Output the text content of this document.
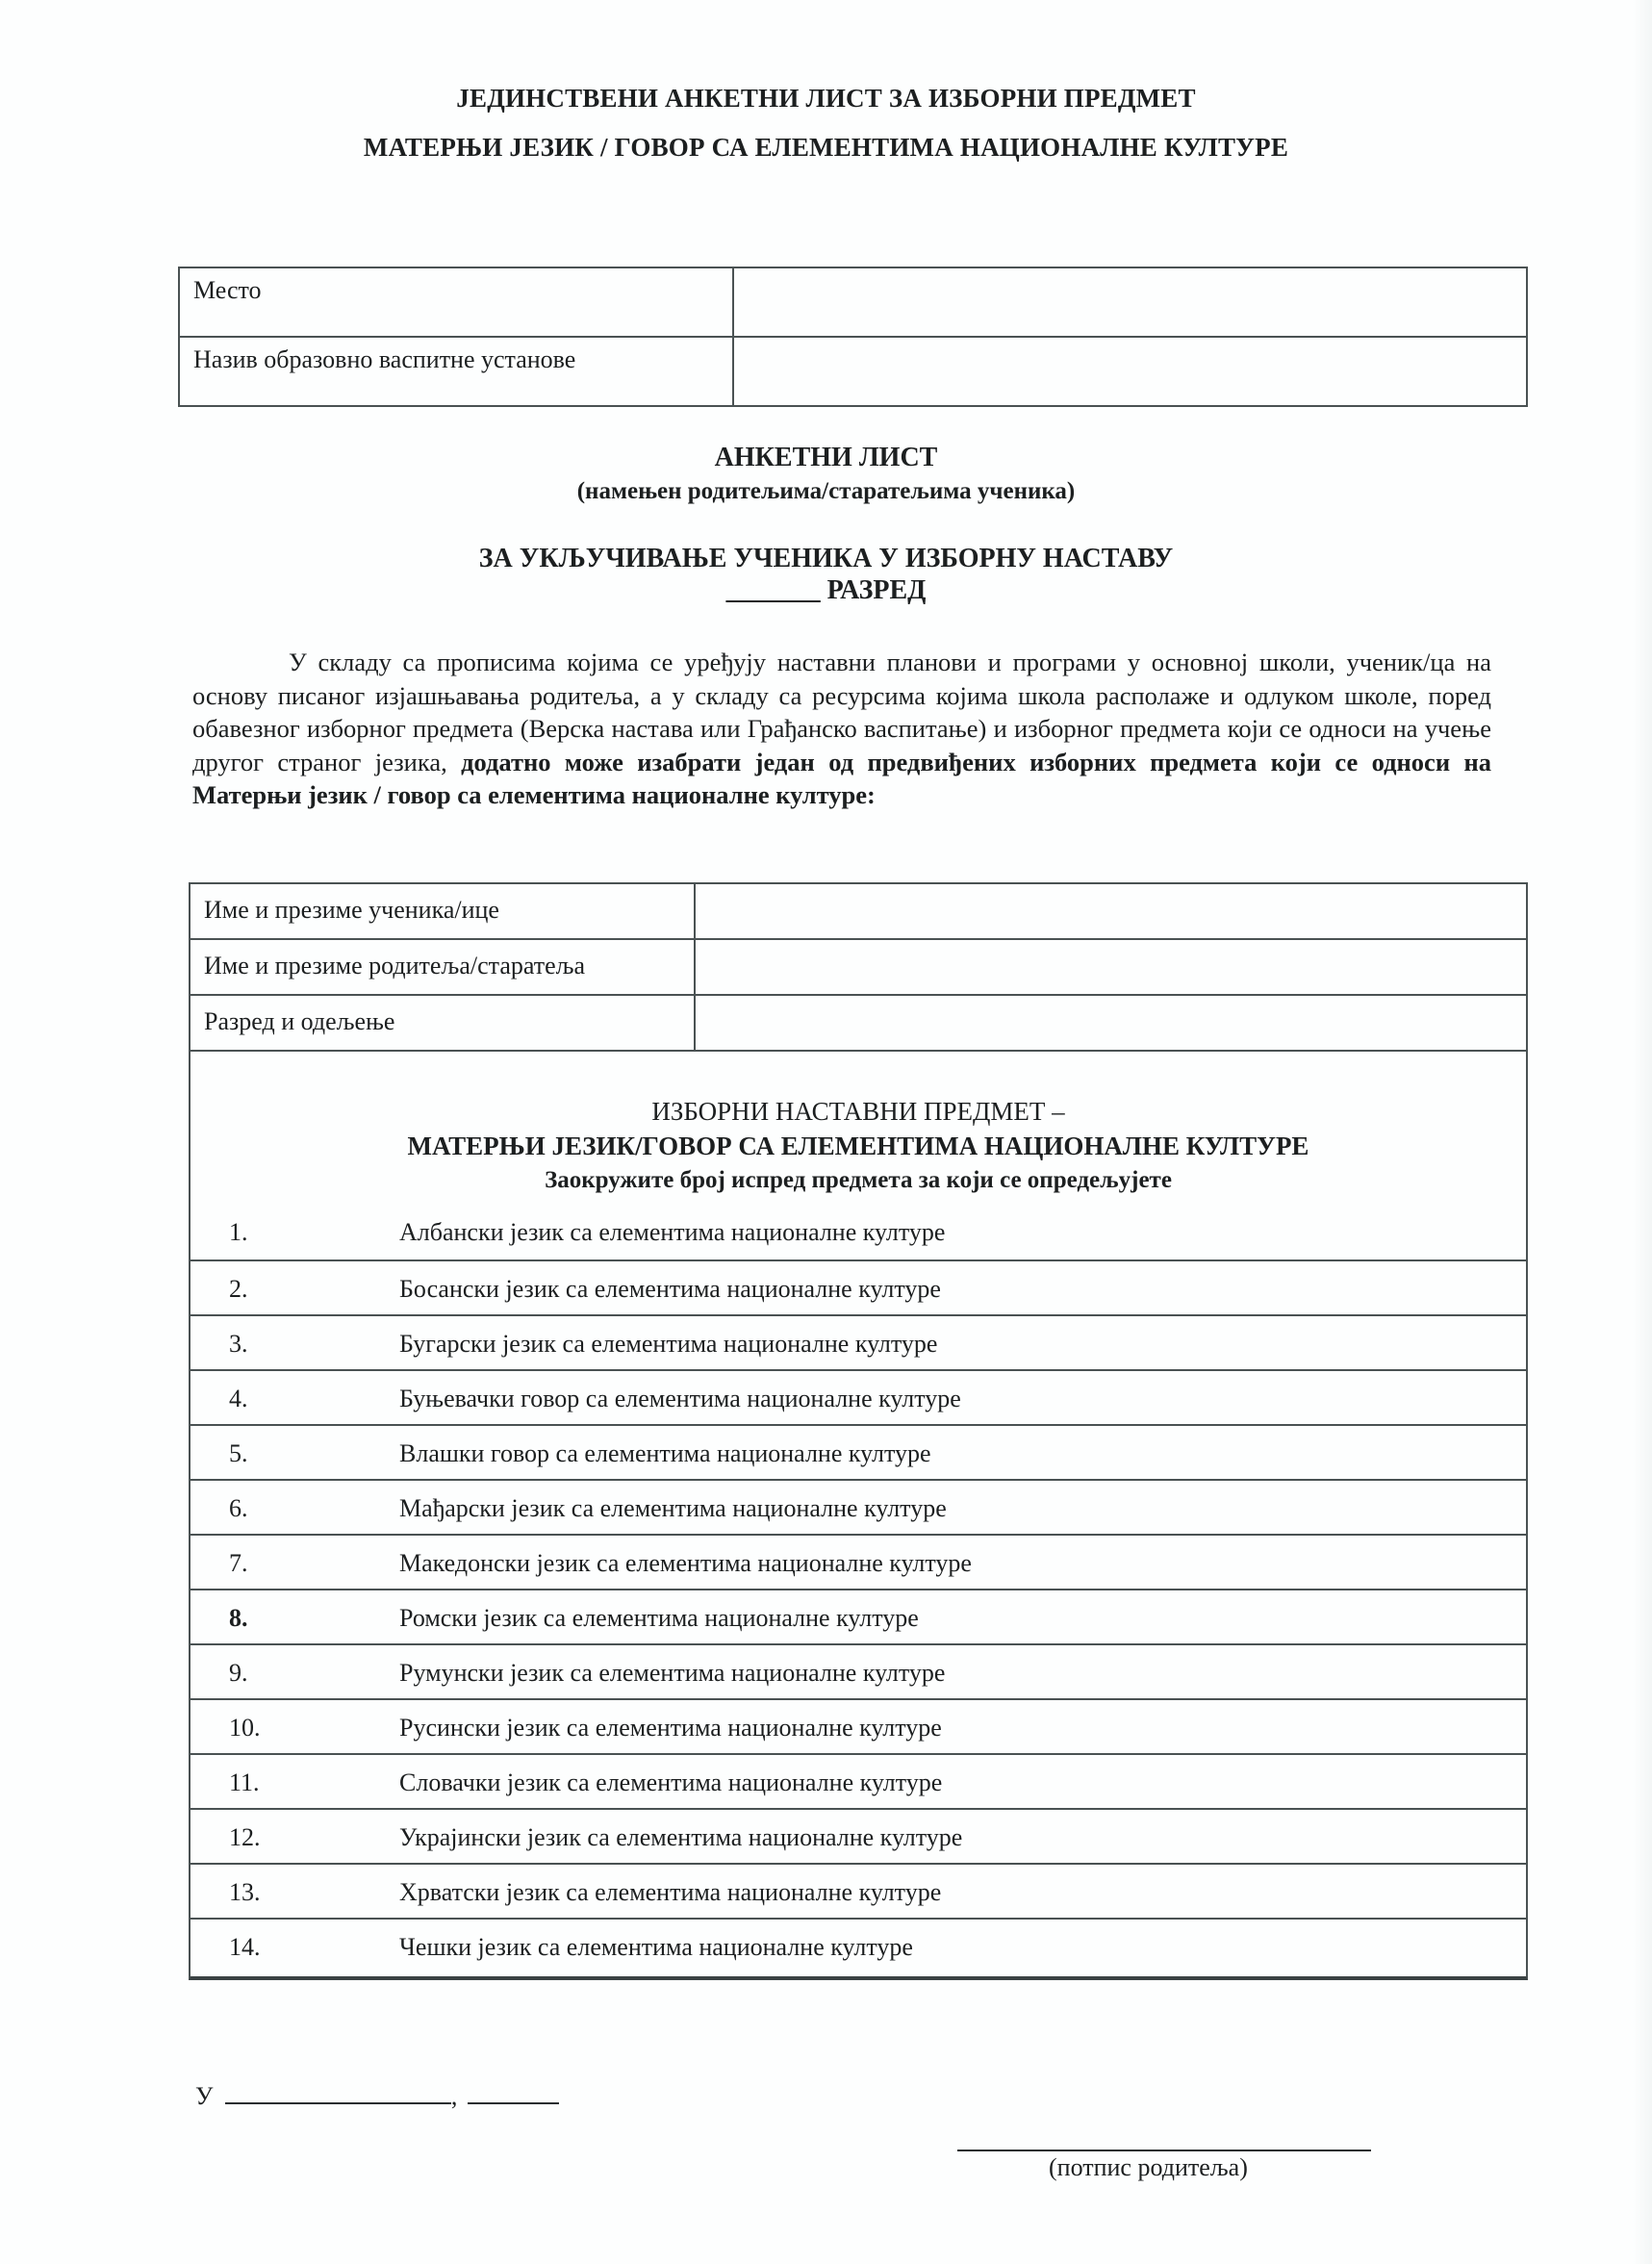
ЈЕДИНСТВЕНИ АНКЕТНИ ЛИСТ ЗА ИЗБОРНИ ПРЕДМЕТ
МАТЕРЊИ ЈЕЗИК / ГОВОР СА ЕЛЕМЕНТИМА НАЦИОНАЛНЕ КУЛТУРЕ
Место	
Назив образовно васпитне установе	
АНКЕТНИ ЛИСТ
(намењен родитељима/старатељима ученика)
ЗА УКЉУЧИВАЊЕ УЧЕНИКА У ИЗБОРНУ НАСТАВУ
_______ РАЗРЕД
У складу са прописима којима се уређују наставни планови и програми у основној школи, ученик/ца на основу писаног изјашњавања родитеља, а у складу са ресурсима којима школа располаже и одлуком школе, поред обавезног изборног предмета (Верска настава или Грађанско васпитање) и изборног предмета који се односи на учење другог страног језика, додатно може изабрати један од предвиђених изборних предмета који се односи на Матерњи језик / говор са елементима националне културе:
Име и презиме ученика/ице	
Име и презиме родитеља/старатеља	
Разред и одељење	
ИЗБОРНИ НАСТАВНИ ПРЕДМЕТ –
МАТЕРЊИ ЈЕЗИК/ГОВОР СА ЕЛЕМЕНТИМА НАЦИОНАЛНЕ КУЛТУРЕ
Заокружите број испред предмета за који се опредељујете
1.	Албански језик са елементима националне културе
2.	Босански језик са елементима националне културе
3.	Бугарски језик са елементима националне културе
4.	Буњевачки говор са елементима националне културе
5.	Влашки говор са елементима националне културе
6.	Мађарски језик са елементима националне културе
7.	Македонски језик са елементима националне културе
8.	Ромски језик са елементима националне културе
9.	Румунски језик са елементима националне културе
10.	Русински језик са елементима националне културе
11.	Словачки језик са елементима националне културе
12.	Украјински језик са елементима националне културе
13.	Хрватски језик са елементима националне културе
14.	Чешки језик са елементима националне културе
У	,
(потпис родитеља)
